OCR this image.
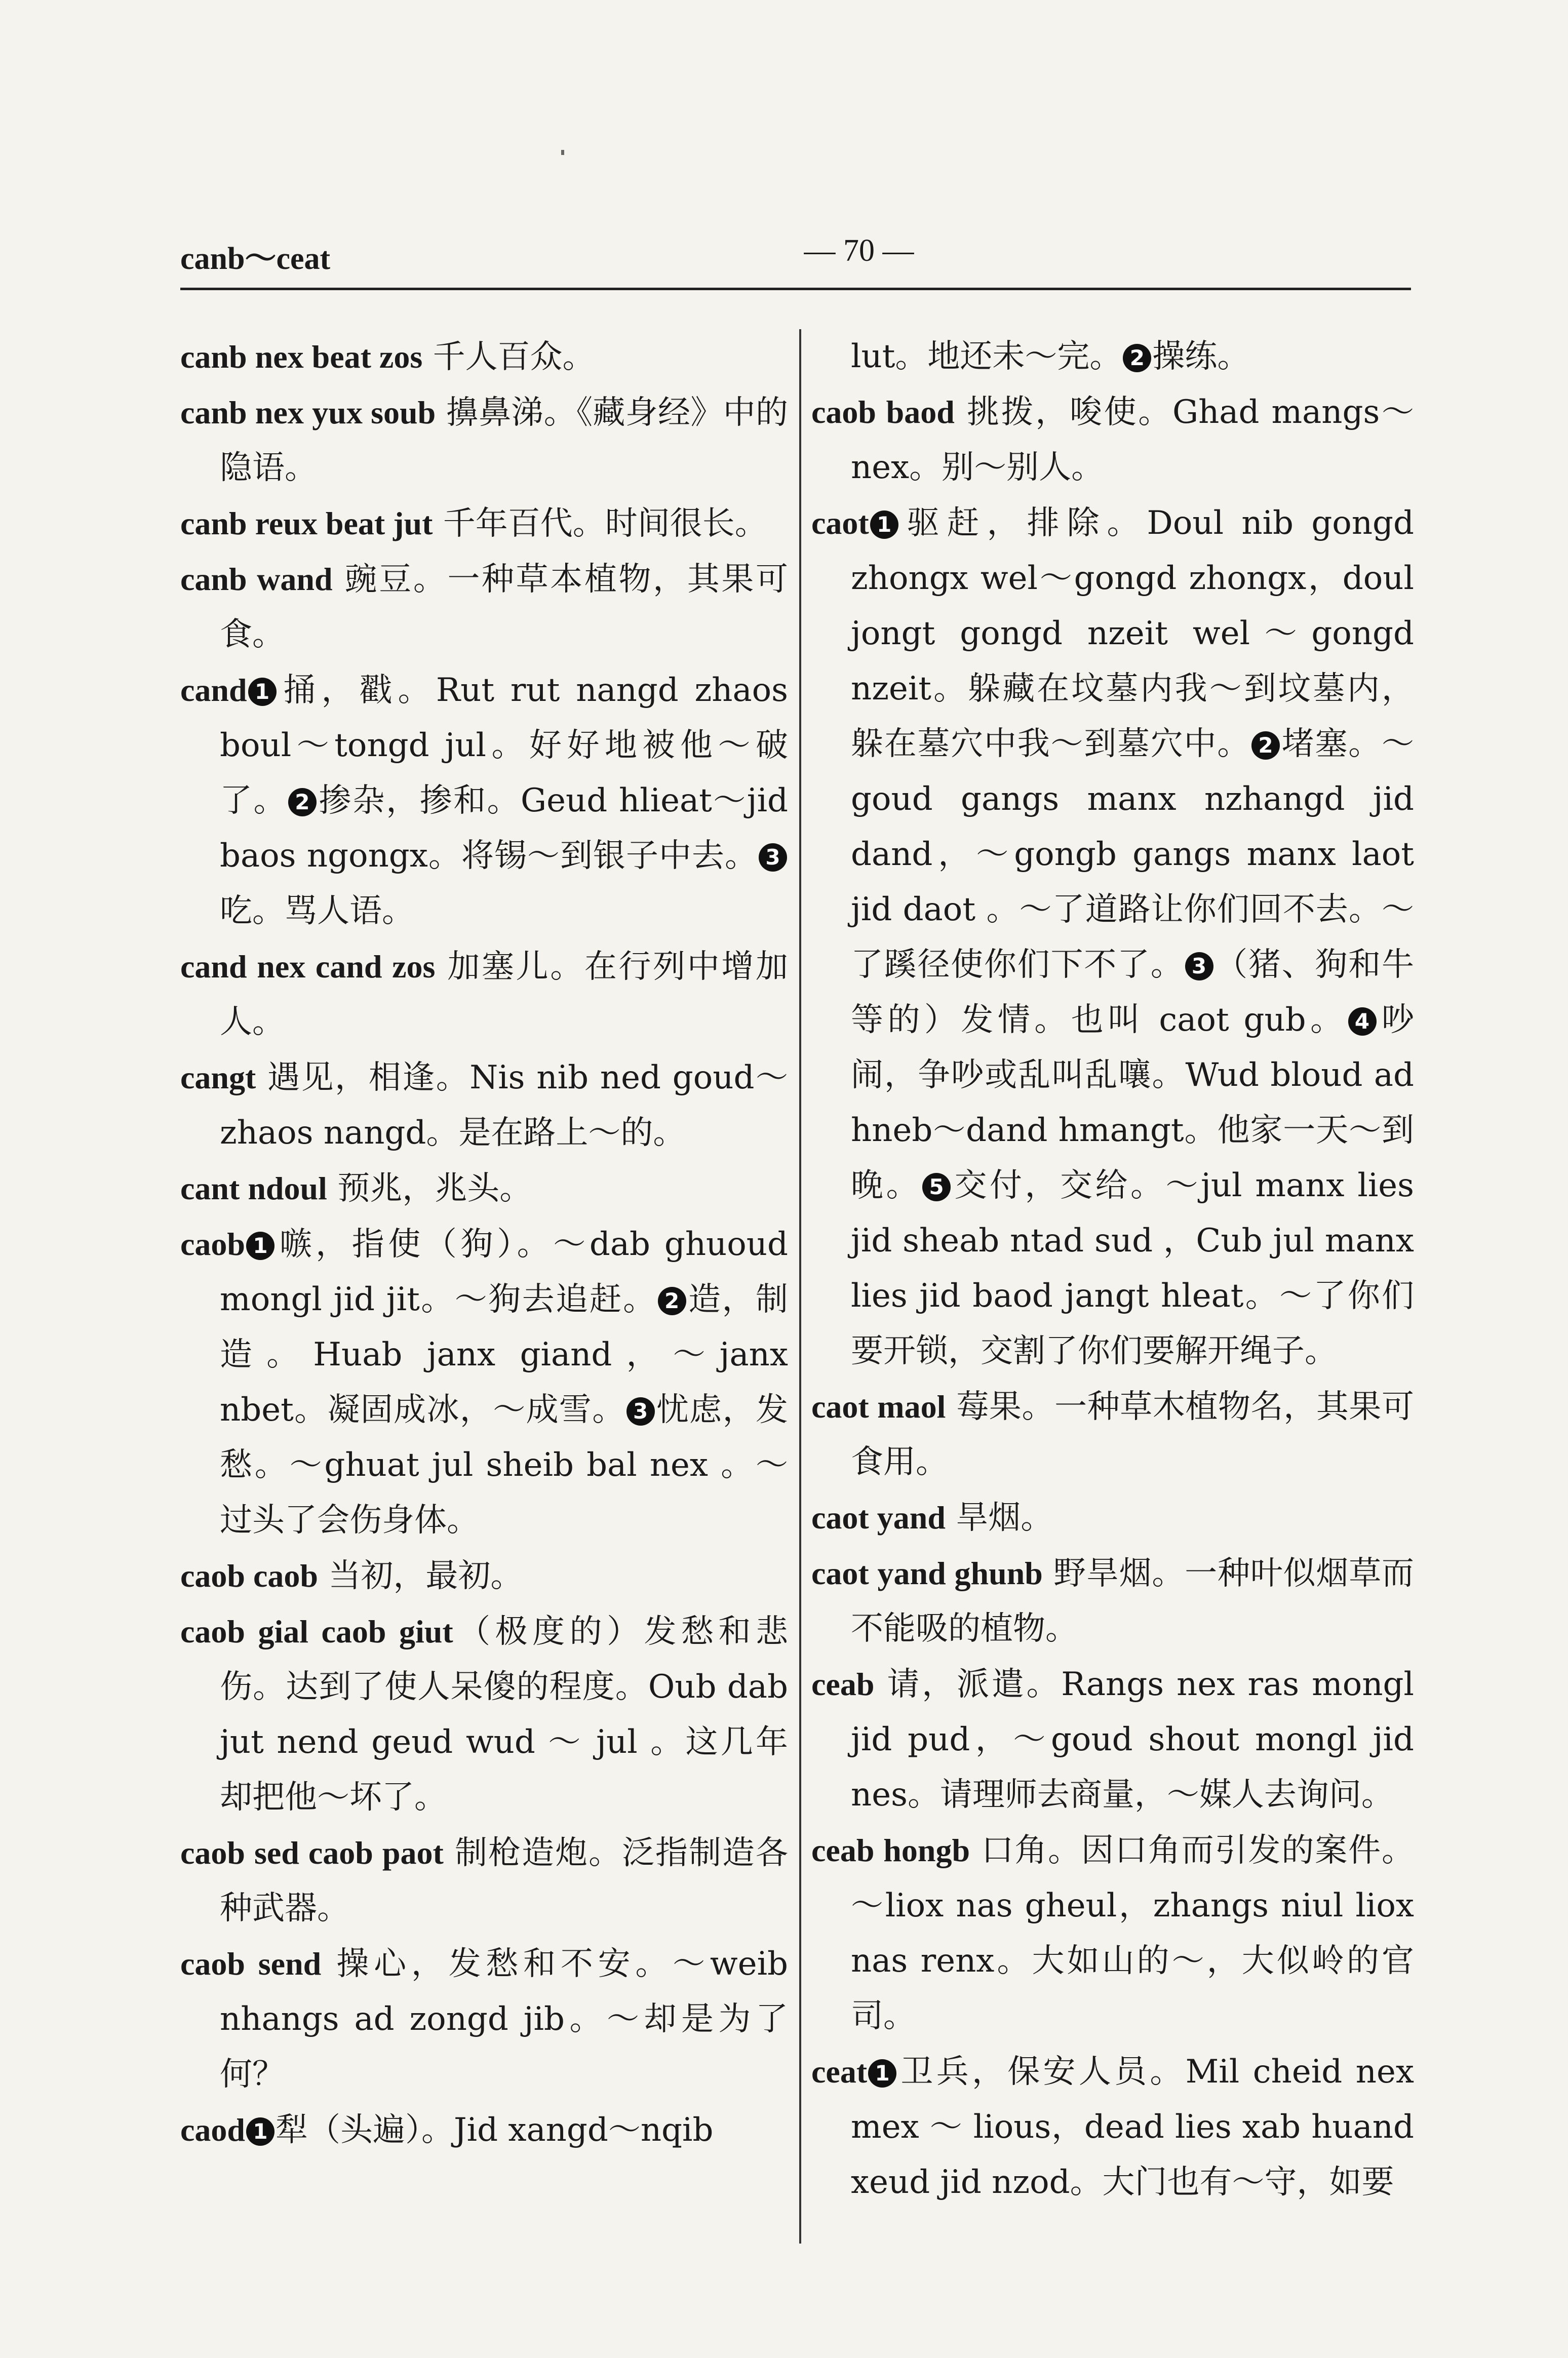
canb～ceat	— 70 —

canb nex beat zos 千人百众。

canb nex yux soub 擤鼻涕。《藏身经》中的隐语。

canb reux beat jut 千年百代。时间很长。

canb wand 豌豆。一种草本植物，其果可食。

cand 1 捅，戳。Rut rut nangd zhaos boul～tongd jul。好好地被他～破了。 2 掺杂，掺和。Geud hlieat～jid baos ngongx。将锡～到银子中去。 3吃。骂人语。

cand nex cand zos 加塞儿。在行列中增加人。

cangt 遇见，相逢。Nis nib ned goud～zhaos nangd。是在路上～的。

cant ndoul 预兆，兆头。

caob 1 嗾，指使（狗）。～dab ghuoud mongl jid jit。～狗去追赶。 2 造，制造。Huab janx giand，～janx nbet。凝固成冰，～成雪。 3 忧虑，发愁。～ghuat jul sheib bal nex 。～过头了会伤身体。

caob caob 当初，最初。

caob gial caob giut（极度的）发愁和悲伤。达到了使人呆傻的程度。Oub dab jut nend geud wud ～ jul 。这几年却把他～坏了。

caob sed caob paot 制枪造炮。泛指制造各种武器。

caob send 操心，发愁和不安。～weib nhangs ad zongd jib。～却是为了何？

caod 1 犁（头遍）。Jid xangd～nqib

lut。地还未～完。 2 操练。

caob baod 挑拨，唆使。Ghad mangs～nex。别～别人。

caot 1 驱赶，排除。Doul nib gongd zhongx wel～gongd zhongx，doul jongt gongd nzeit wel～gongd nzeit。躲藏在坟墓内我～到坟墓内，躲在墓穴中我～到墓穴中。 2 堵塞。～goud gangs manx nzhangd jid dand，～gongb gangs manx laot jid daot 。～了道路让你们回不去。～了蹊径使你们下不了。 3 （猪、狗和牛等的）发情。也叫 caot gub。 4 吵闹，争吵或乱叫乱嚷。Wud bloud ad hneb～dand hmangt。他家一天～到晚。 5 交付，交给。～jul manx lies jid sheab ntad sud ，Cub jul manx lies jid baod jangt hleat。～了你们要开锁，交割了你们要解开绳子。

caot maol 莓果。一种草木植物名，其果可食用。

caot yand 旱烟。

caot yand ghunb 野旱烟。一种叶似烟草而不能吸的植物。

ceab 请，派遣。Rangs nex ras mongl jid pud，～goud shout mongl jid nes。请理师去商量，～媒人去询问。

ceab hongb 口角。因口角而引发的案件。～liox nas gheul，zhangs niul liox nas renx。大如山的～，大似岭的官司。

ceat 1 卫兵，保安人员。Mil cheid nex mex ～ lious，dead lies xab huand xeud jid nzod。大门也有～守，如要
